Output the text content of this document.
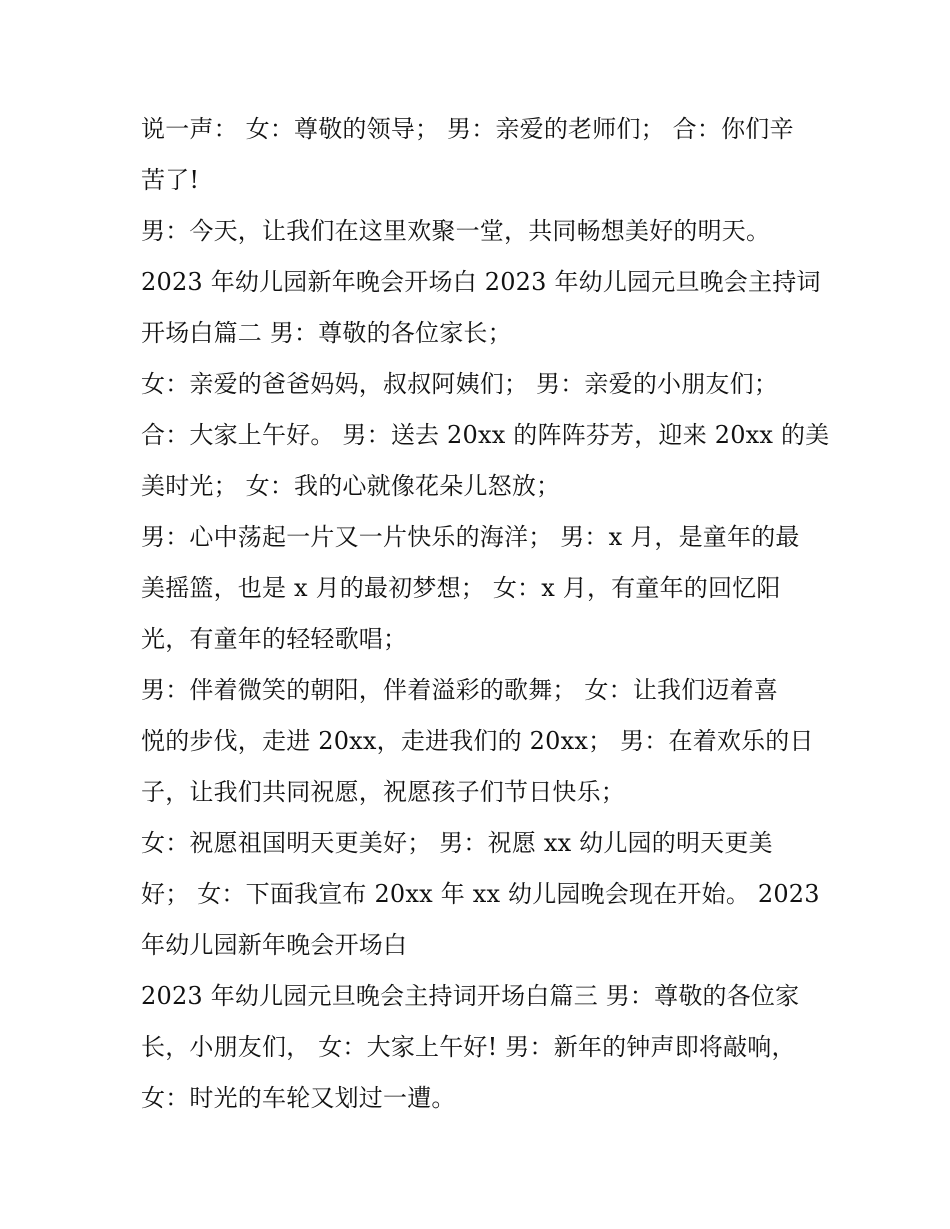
说一声： 女：尊敬的领导； 男：亲爱的老师们； 合：你们辛
苦了!
男：今天，让我们在这里欢聚一堂，共同畅想美好的明天。
2023 年幼儿园新年晚会开场白 2023 年幼儿园元旦晚会主持词
开场白篇二 男：尊敬的各位家长；
女：亲爱的爸爸妈妈，叔叔阿姨们； 男：亲爱的小朋友们；
合：大家上午好。 男：送去 20xx 的阵阵芬芳，迎来 20xx 的美
美时光； 女：我的心就像花朵儿怒放；
男：心中荡起一片又一片快乐的海洋； 男：x 月，是童年的最
美摇篮，也是 x 月的最初梦想； 女：x 月，有童年的回忆阳
光，有童年的轻轻歌唱；
男：伴着微笑的朝阳，伴着溢彩的歌舞； 女：让我们迈着喜
悦的步伐，走进 20xx，走进我们的 20xx； 男：在着欢乐的日
子，让我们共同祝愿，祝愿孩子们节日快乐；
女：祝愿祖国明天更美好； 男：祝愿 xx 幼儿园的明天更美
好； 女：下面我宣布 20xx 年 xx 幼儿园晚会现在开始。 2023
年幼儿园新年晚会开场白
2023 年幼儿园元旦晚会主持词开场白篇三 男：尊敬的各位家
长，小朋友们， 女：大家上午好! 男：新年的钟声即将敲响，
女：时光的车轮又划过一遭。
